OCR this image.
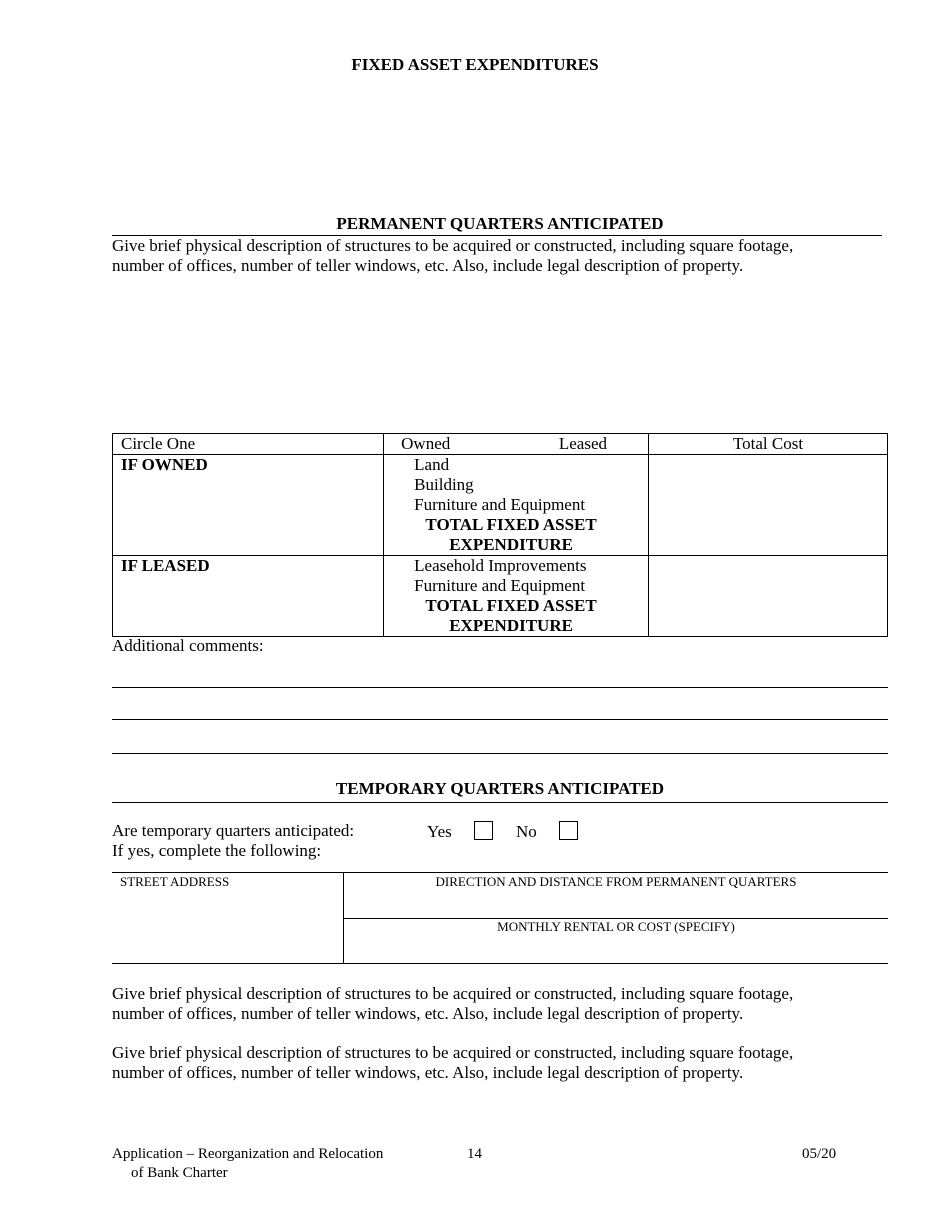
FIXED ASSET EXPENDITURES
PERMANENT QUARTERS ANTICIPATED
Give brief physical description of structures to be acquired or constructed, including square footage,
number of offices, number of teller windows, etc. Also, include legal description of property.
Circle One	Owned Leased	Total Cost
IF OWNED	Land
Building
Furniture and Equipment
TOTAL FIXED ASSET
EXPENDITURE	

IF LEASED	Leasehold Improvements
Furniture and Equipment
TOTAL FIXED ASSET
EXPENDITURE	

Additional comments:
TEMPORARY QUARTERS ANTICIPATED
Are temporary quarters anticipated:	Yes	No
If yes, complete the following:
STREET ADDRESS	DIRECTION AND DISTANCE FROM PERMANENT QUARTERS
MONTHLY RENTAL OR COST (SPECIFY)
Give brief physical description of structures to be acquired or constructed, including square footage,
number of offices, number of teller windows, etc. Also, include legal description of property.
Give brief physical description of structures to be acquired or constructed, including square footage,
number of offices, number of teller windows, etc. Also, include legal description of property.
Application – Reorganization and Relocation
of Bank Charter
14	05/20
